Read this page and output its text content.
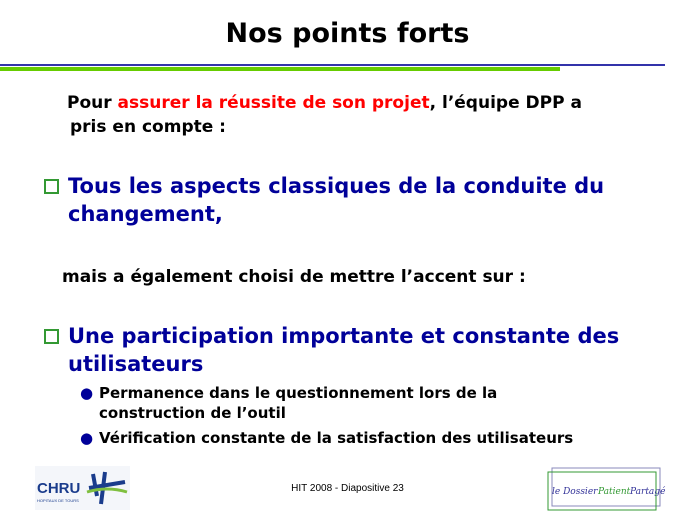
Nos points forts
Pour assurer la réussite de son projet, l’équipe DPP a
pris en compte :
Tous les aspects classiques de la conduite du
changement,
mais a également choisi de mettre l’accent sur :
Une participation importante et constante des
utilisateurs
● Permanence dans le questionnement lors de la
construction de l’outil
● Vérification constante de la satisfaction des utilisateurs
HIT 2008 - Diapositive 23
CHRU
HOPITAUX DE TOURS
le Dossier Patient Partagé
